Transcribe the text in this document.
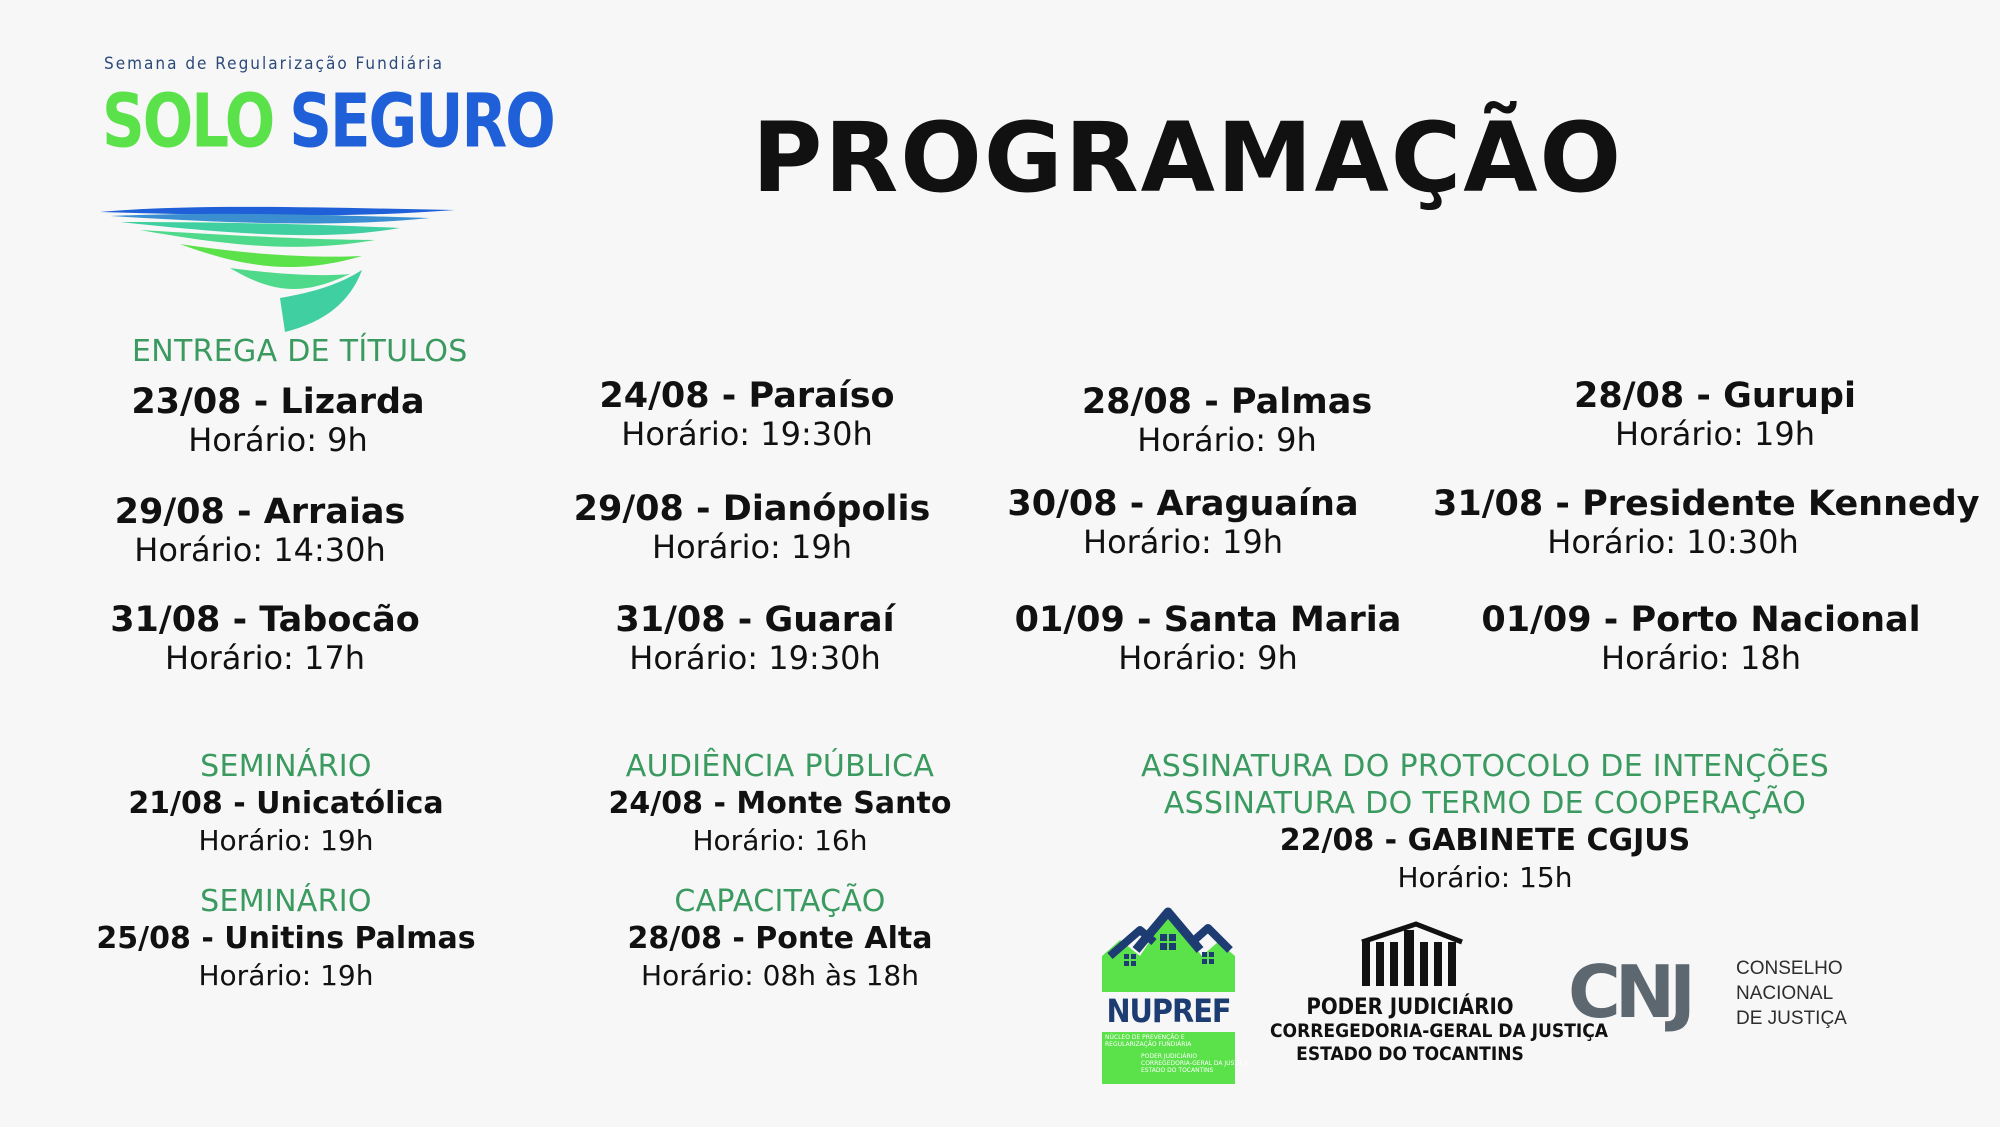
Semana de Regularização Fundiária
SOLO SEGURO PROGRAMAÇÃO
ENTREGA DE TÍTULOS
23/08 - Lizarda
Horário: 9h
29/08 - Arraias
Horário: 14:30h
31/08 - Tabocão
Horário: 17h
24/08 - Paraíso
Horário: 19:30h
29/08 - Dianópolis
Horário: 19h
31/08 - Guaraí
Horário: 19:30h
28/08 - Palmas
Horário: 9h
30/08 - Araguaína
Horário: 19h
01/09 - Santa Maria
Horário: 9h
28/08 - Gurupi
Horário: 19h
31/08 - Presidente Kennedy
Horário: 10:30h
01/09 - Porto Nacional
Horário: 18h
SEMINÁRIO
21/08 - Unicatólica
Horário: 19h
SEMINÁRIO
25/08 - Unitins Palmas
Horário: 19h
AUDIÊNCIA PÚBLICA
24/08 - Monte Santo
Horário: 16h
CAPACITAÇÃO
28/08 - Ponte Alta
Horário: 08h às 18h
ASSINATURA DO PROTOCOLO DE INTENÇÕES
ASSINATURA DO TERMO DE COOPERAÇÃO
22/08 - GABINETE CGJUS
Horário: 15h
NUPREF
NÚCLEO DE PREVENÇÃO E
REGULARIZAÇÃO FUNDIÁRIA
PODER JUDICIÁRIO
CORREGEDORIA-GERAL DA JUSTIÇA
ESTADO DO TOCANTINS
PODER JUDICIÁRIO
CORREGEDORIA-GERAL DA JUSTIÇA
ESTADO DO TOCANTINS
CNJ CONSELHO
NACIONAL
DE JUSTIÇA
